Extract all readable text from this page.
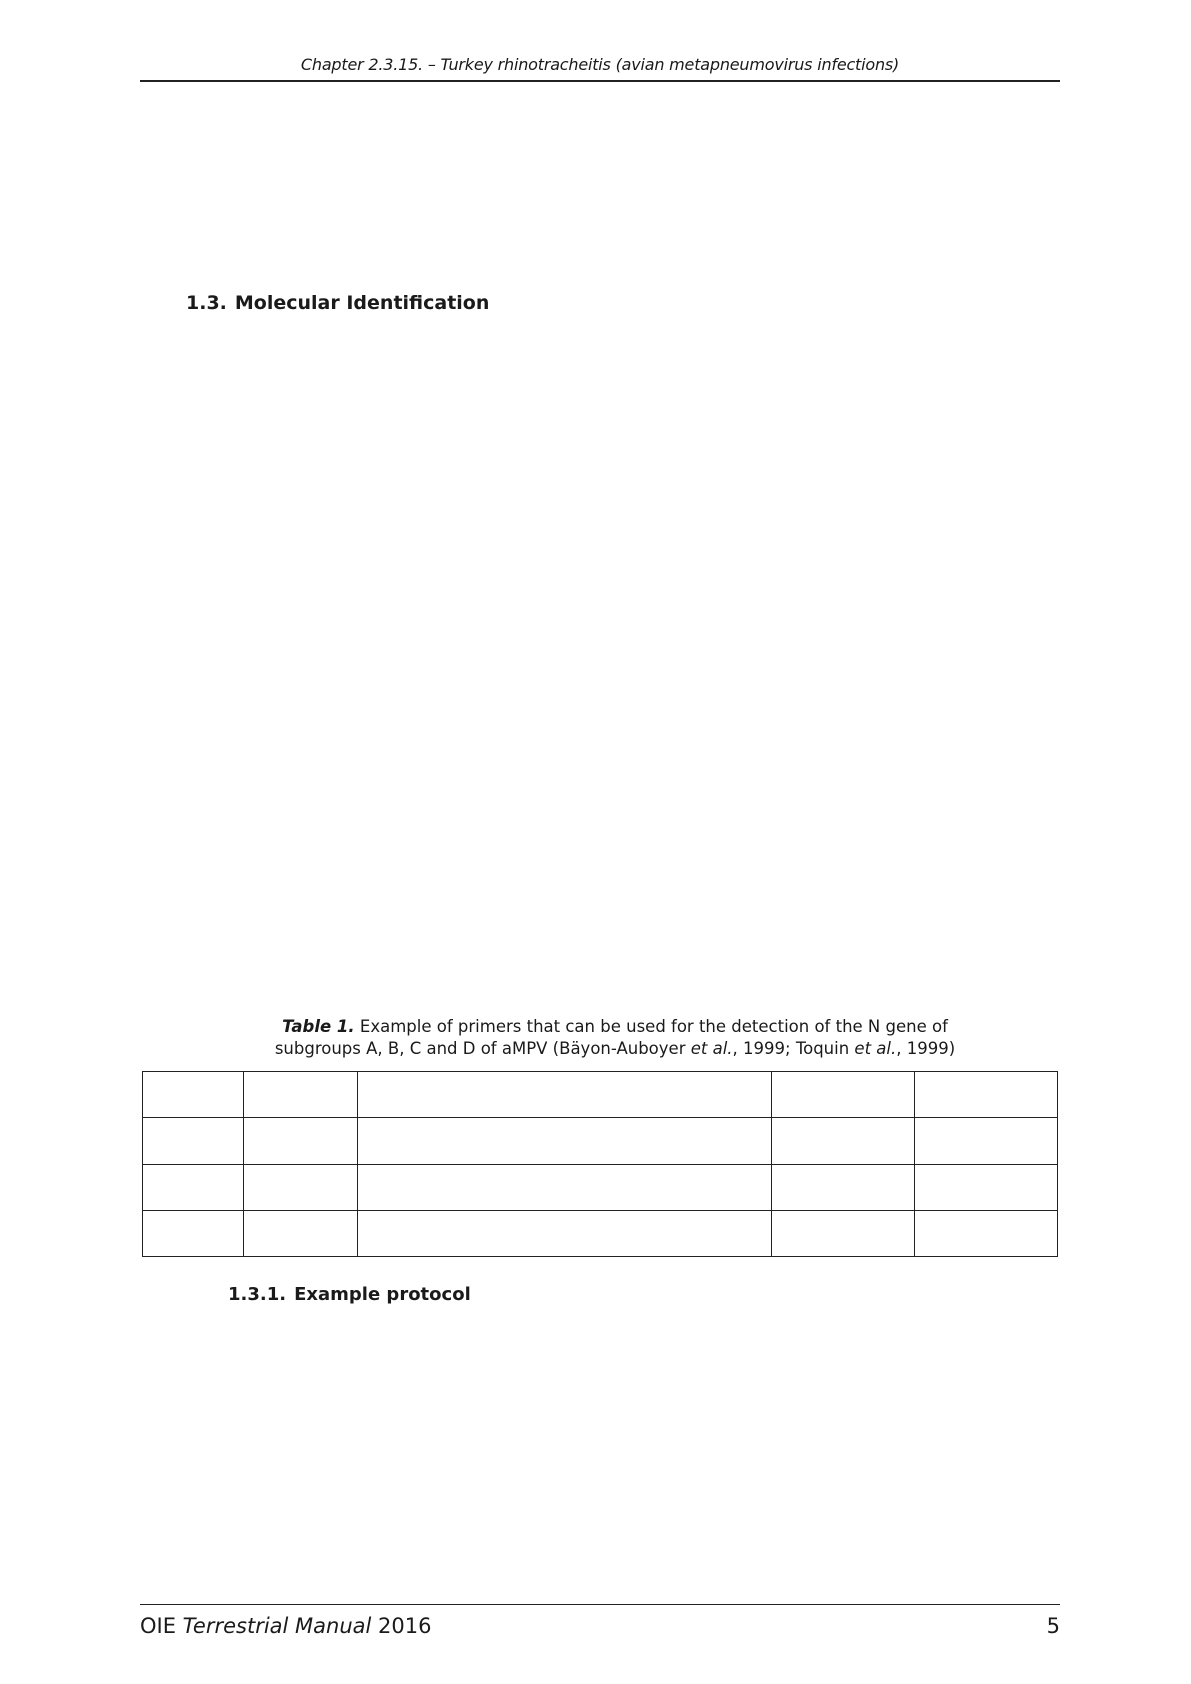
Chapter 2.3.15. – Turkey rhinotracheitis (avian metapneumovirus infections)
1.3. Molecular Identification
Table 1. Example of primers that can be used for the detection of the N gene of
subgroups A, B, C and D of aMPV (Bäyon-Auboyer et al., 1999; Toquin et al., 1999)

1.3.1. Example protocol
OIE Terrestrial Manual 2016	5
